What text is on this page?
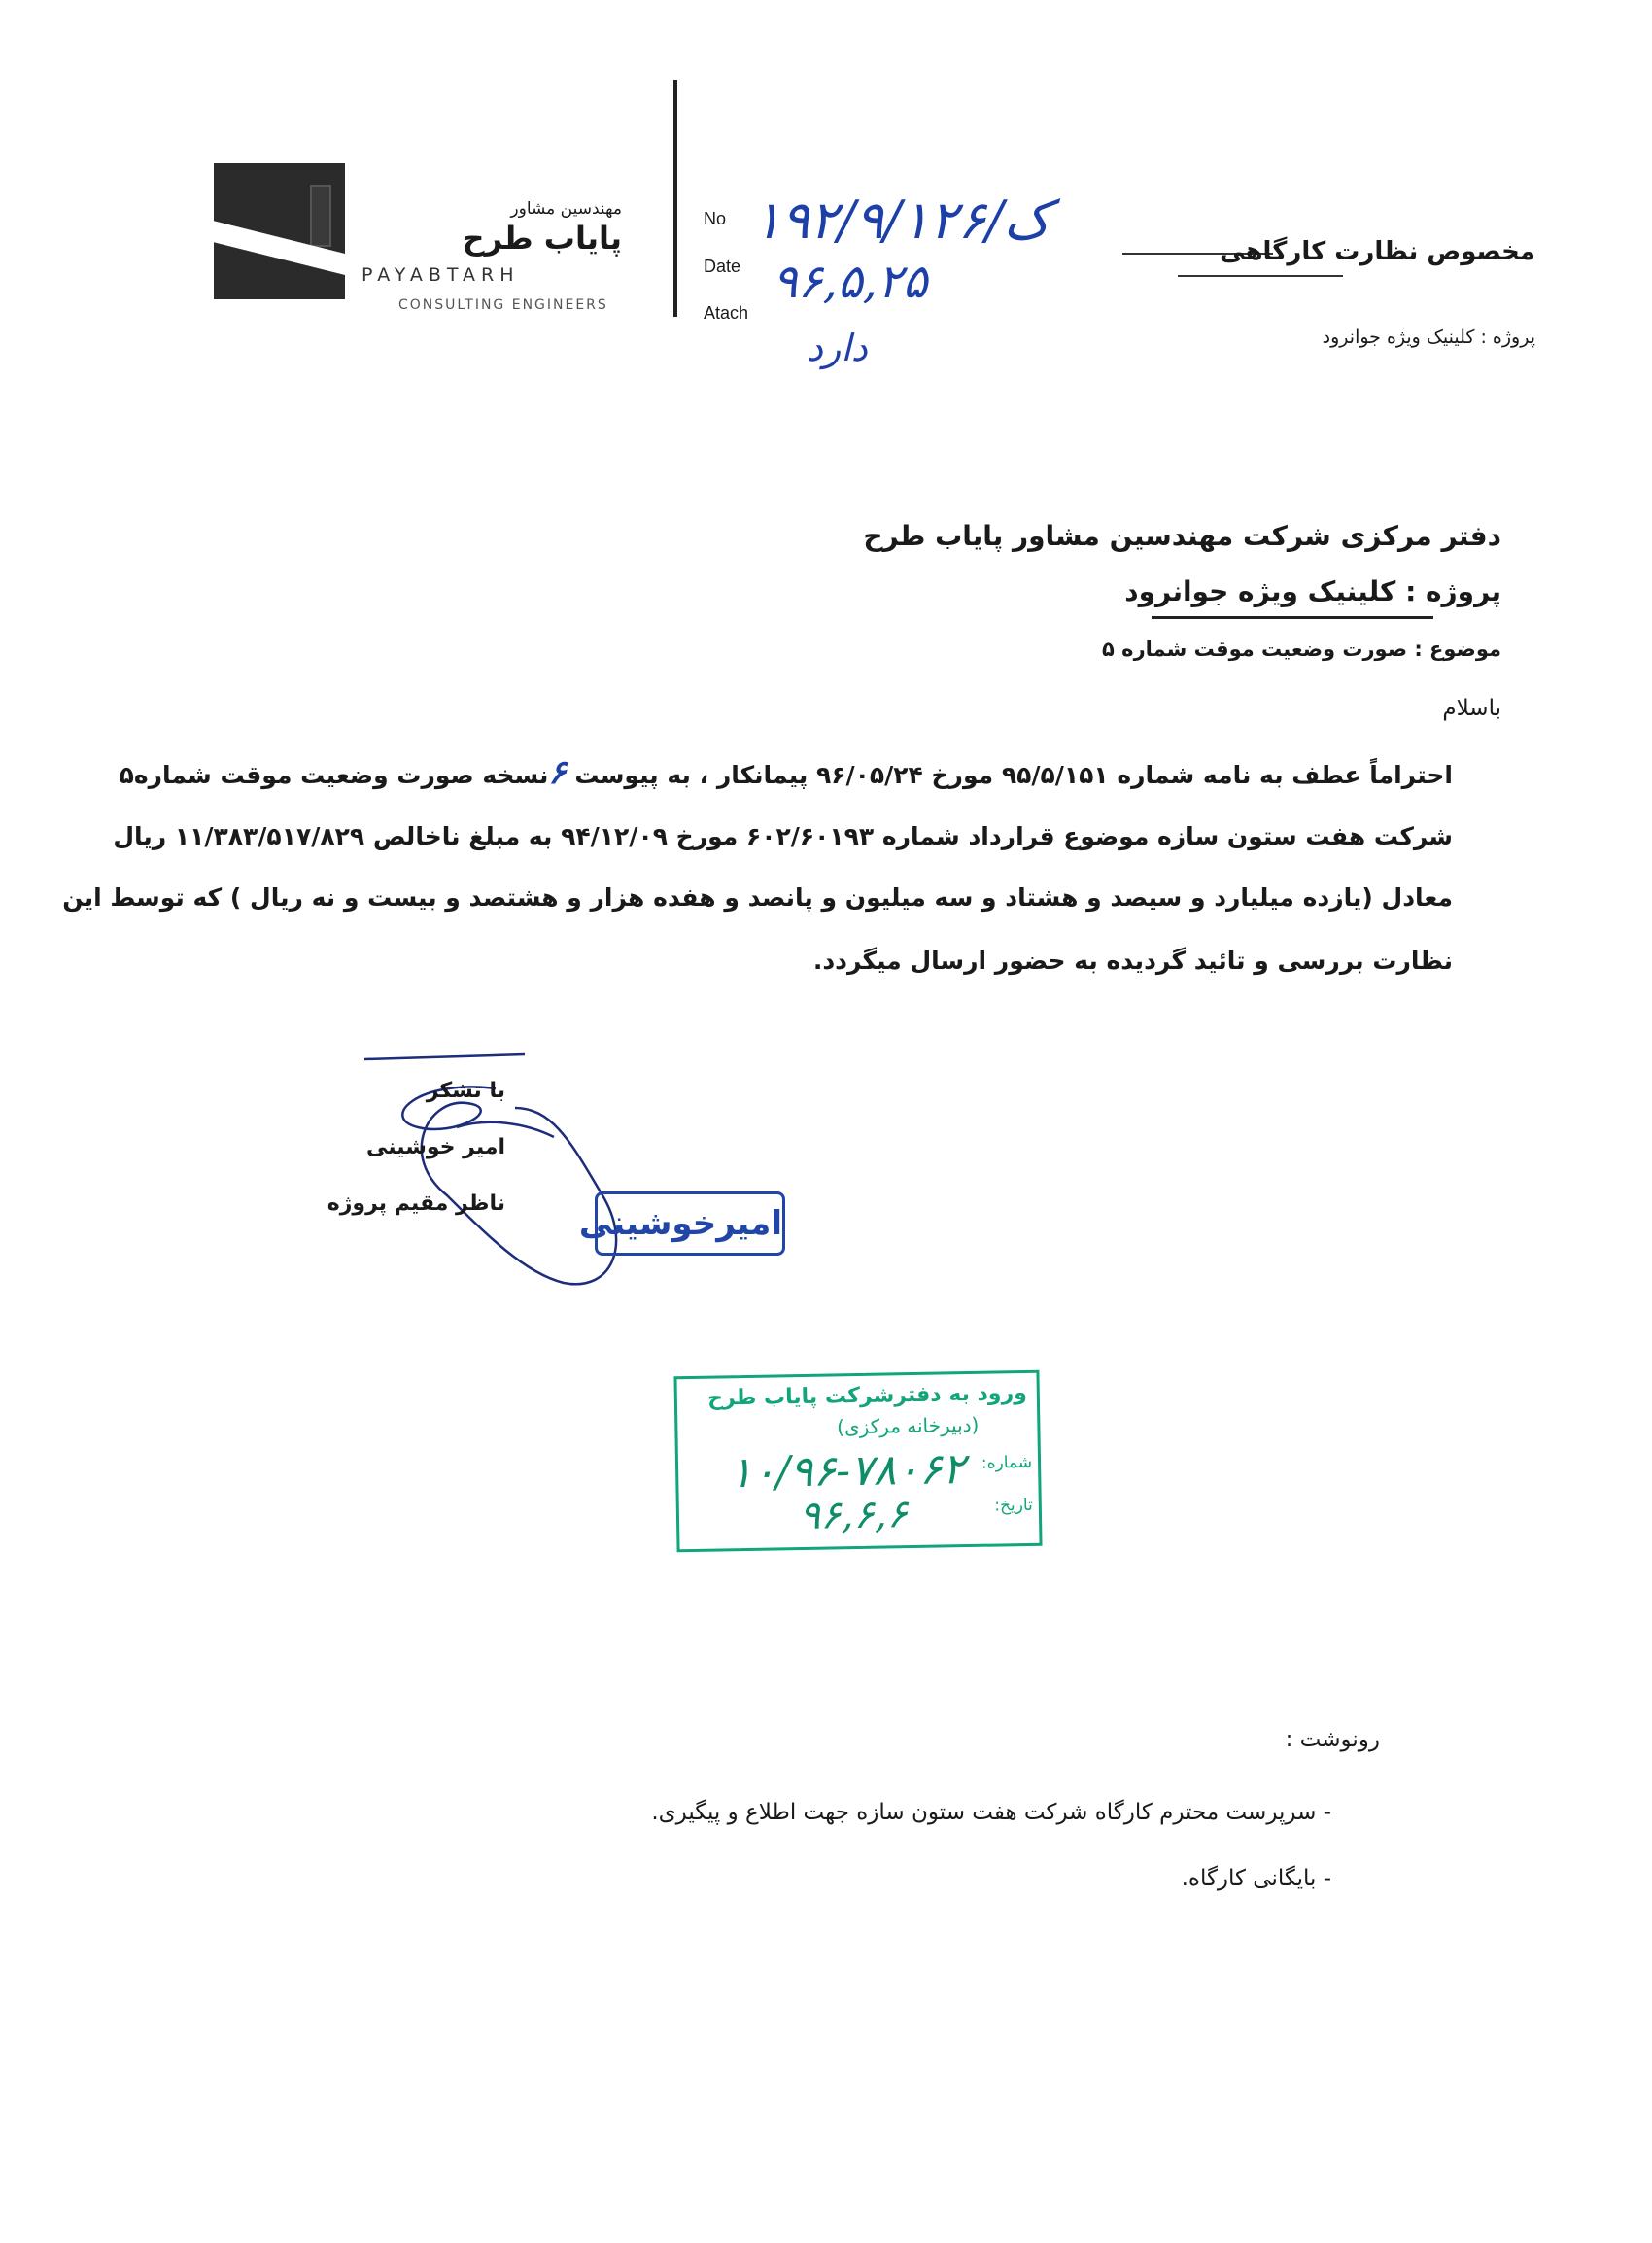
مهندسین مشاور
پایاب طرح
PAYABTARH
CONSULTING ENGINEERS
No ۱۹۲/۹/ک/۱۲۶
Date ۹۶,۵,۲۵
Atach
دارد
مخصوص نظارت کارگاهی
پروژه : کلینیک ویژه جوانرود
دفتر مرکزی شرکت مهندسین مشاور پایاب طرح
پروژه : کلینیک ویژه جوانرود
موضوع : صورت وضعیت موقت شماره ۵
باسلام
احتراماً عطف به نامه شماره ۹۵/۵/۱۵۱ مورخ ۹۶/۰۵/۲۴ پیمانکار ، به پیوست ۶نسخه صورت وضعیت موقت شماره۵
شرکت هفت ستون سازه موضوع قرارداد شماره ۶۰۲/۶۰۱۹۳ مورخ ۹۴/۱۲/۰۹ به مبلغ ناخالص ۱۱/۳۸۳/۵۱۷/۸۲۹ ریال
معادل (یازده میلیارد و سیصد و هشتاد و سه میلیون و پانصد و هفده هزار و هشتصد و بیست و نه ریال ) که توسط این
نظارت بررسی و تائید گردیده به حضور ارسال میگردد.
با تشکر
امیر خوشینی
ناظر مقیم پروژه
امیرخوشینی
ورود به دفترشرکت پایاب طرح
(دبیرخانه مرکزی)
شماره:
۱۰/۹۶-۷۸۰۶۲
تاریخ:
۹۶,۶,۶
رونوشت :
- سرپرست محترم کارگاه شرکت هفت ستون سازه جهت اطلاع و پیگیری.
- بایگانی کارگاه.
